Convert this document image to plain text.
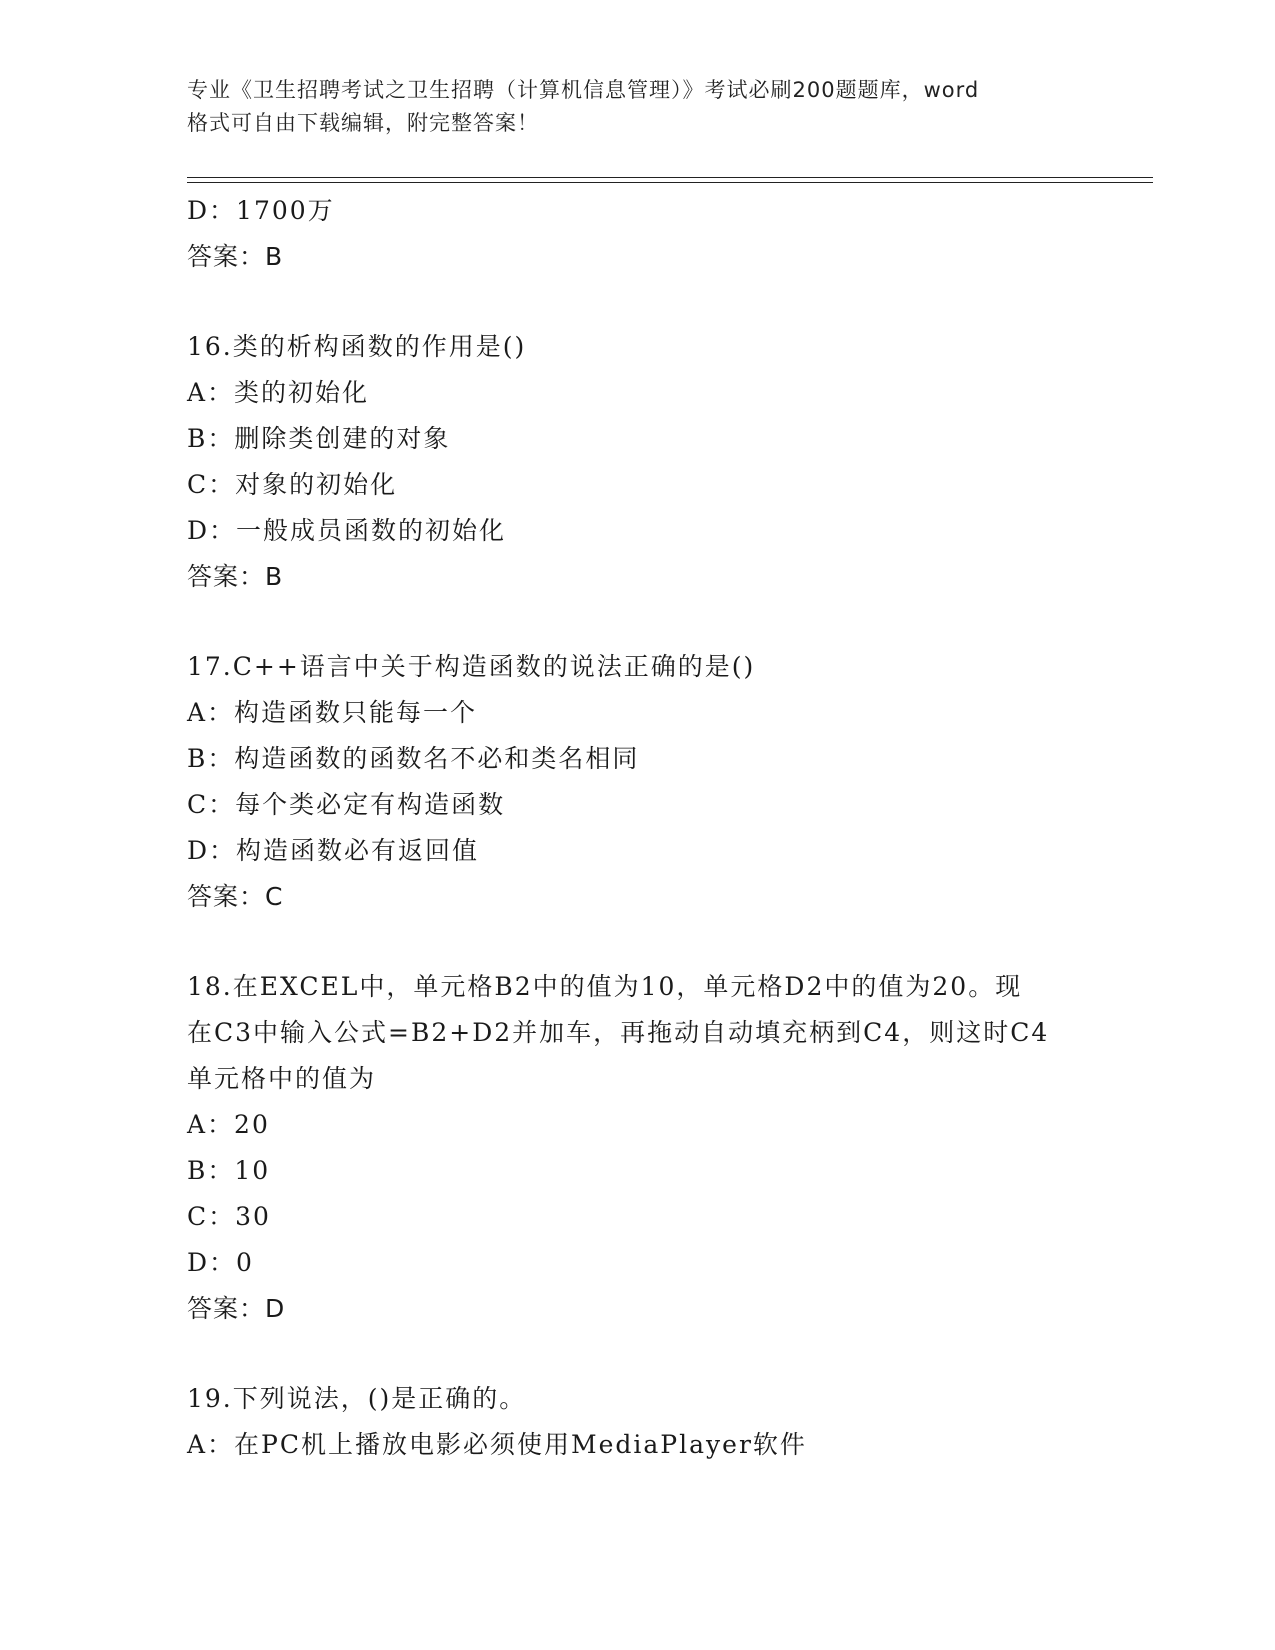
专业《卫生招聘考试之卫生招聘（计算机信息管理）》考试必刷200题题库，word
格式可自由下载编辑，附完整答案！
D：1700万
答案：B
16.类的析构函数的作用是()
A：类的初始化
B：删除类创建的对象
C：对象的初始化
D：一般成员函数的初始化
答案：B
17.C++语言中关于构造函数的说法正确的是()
A：构造函数只能每一个
B：构造函数的函数名不必和类名相同
C：每个类必定有构造函数
D：构造函数必有返回值
答案：C
18.在EXCEL中，单元格B2中的值为10，单元格D2中的值为20。现
在C3中输入公式=B2+D2并加车，再拖动自动填充柄到C4，则这时C4
单元格中的值为
A：20
B：10
C：30
D：0
答案：D
19.下列说法，()是正确的。
A：在PC机上播放电影必须使用MediaPlayer软件
